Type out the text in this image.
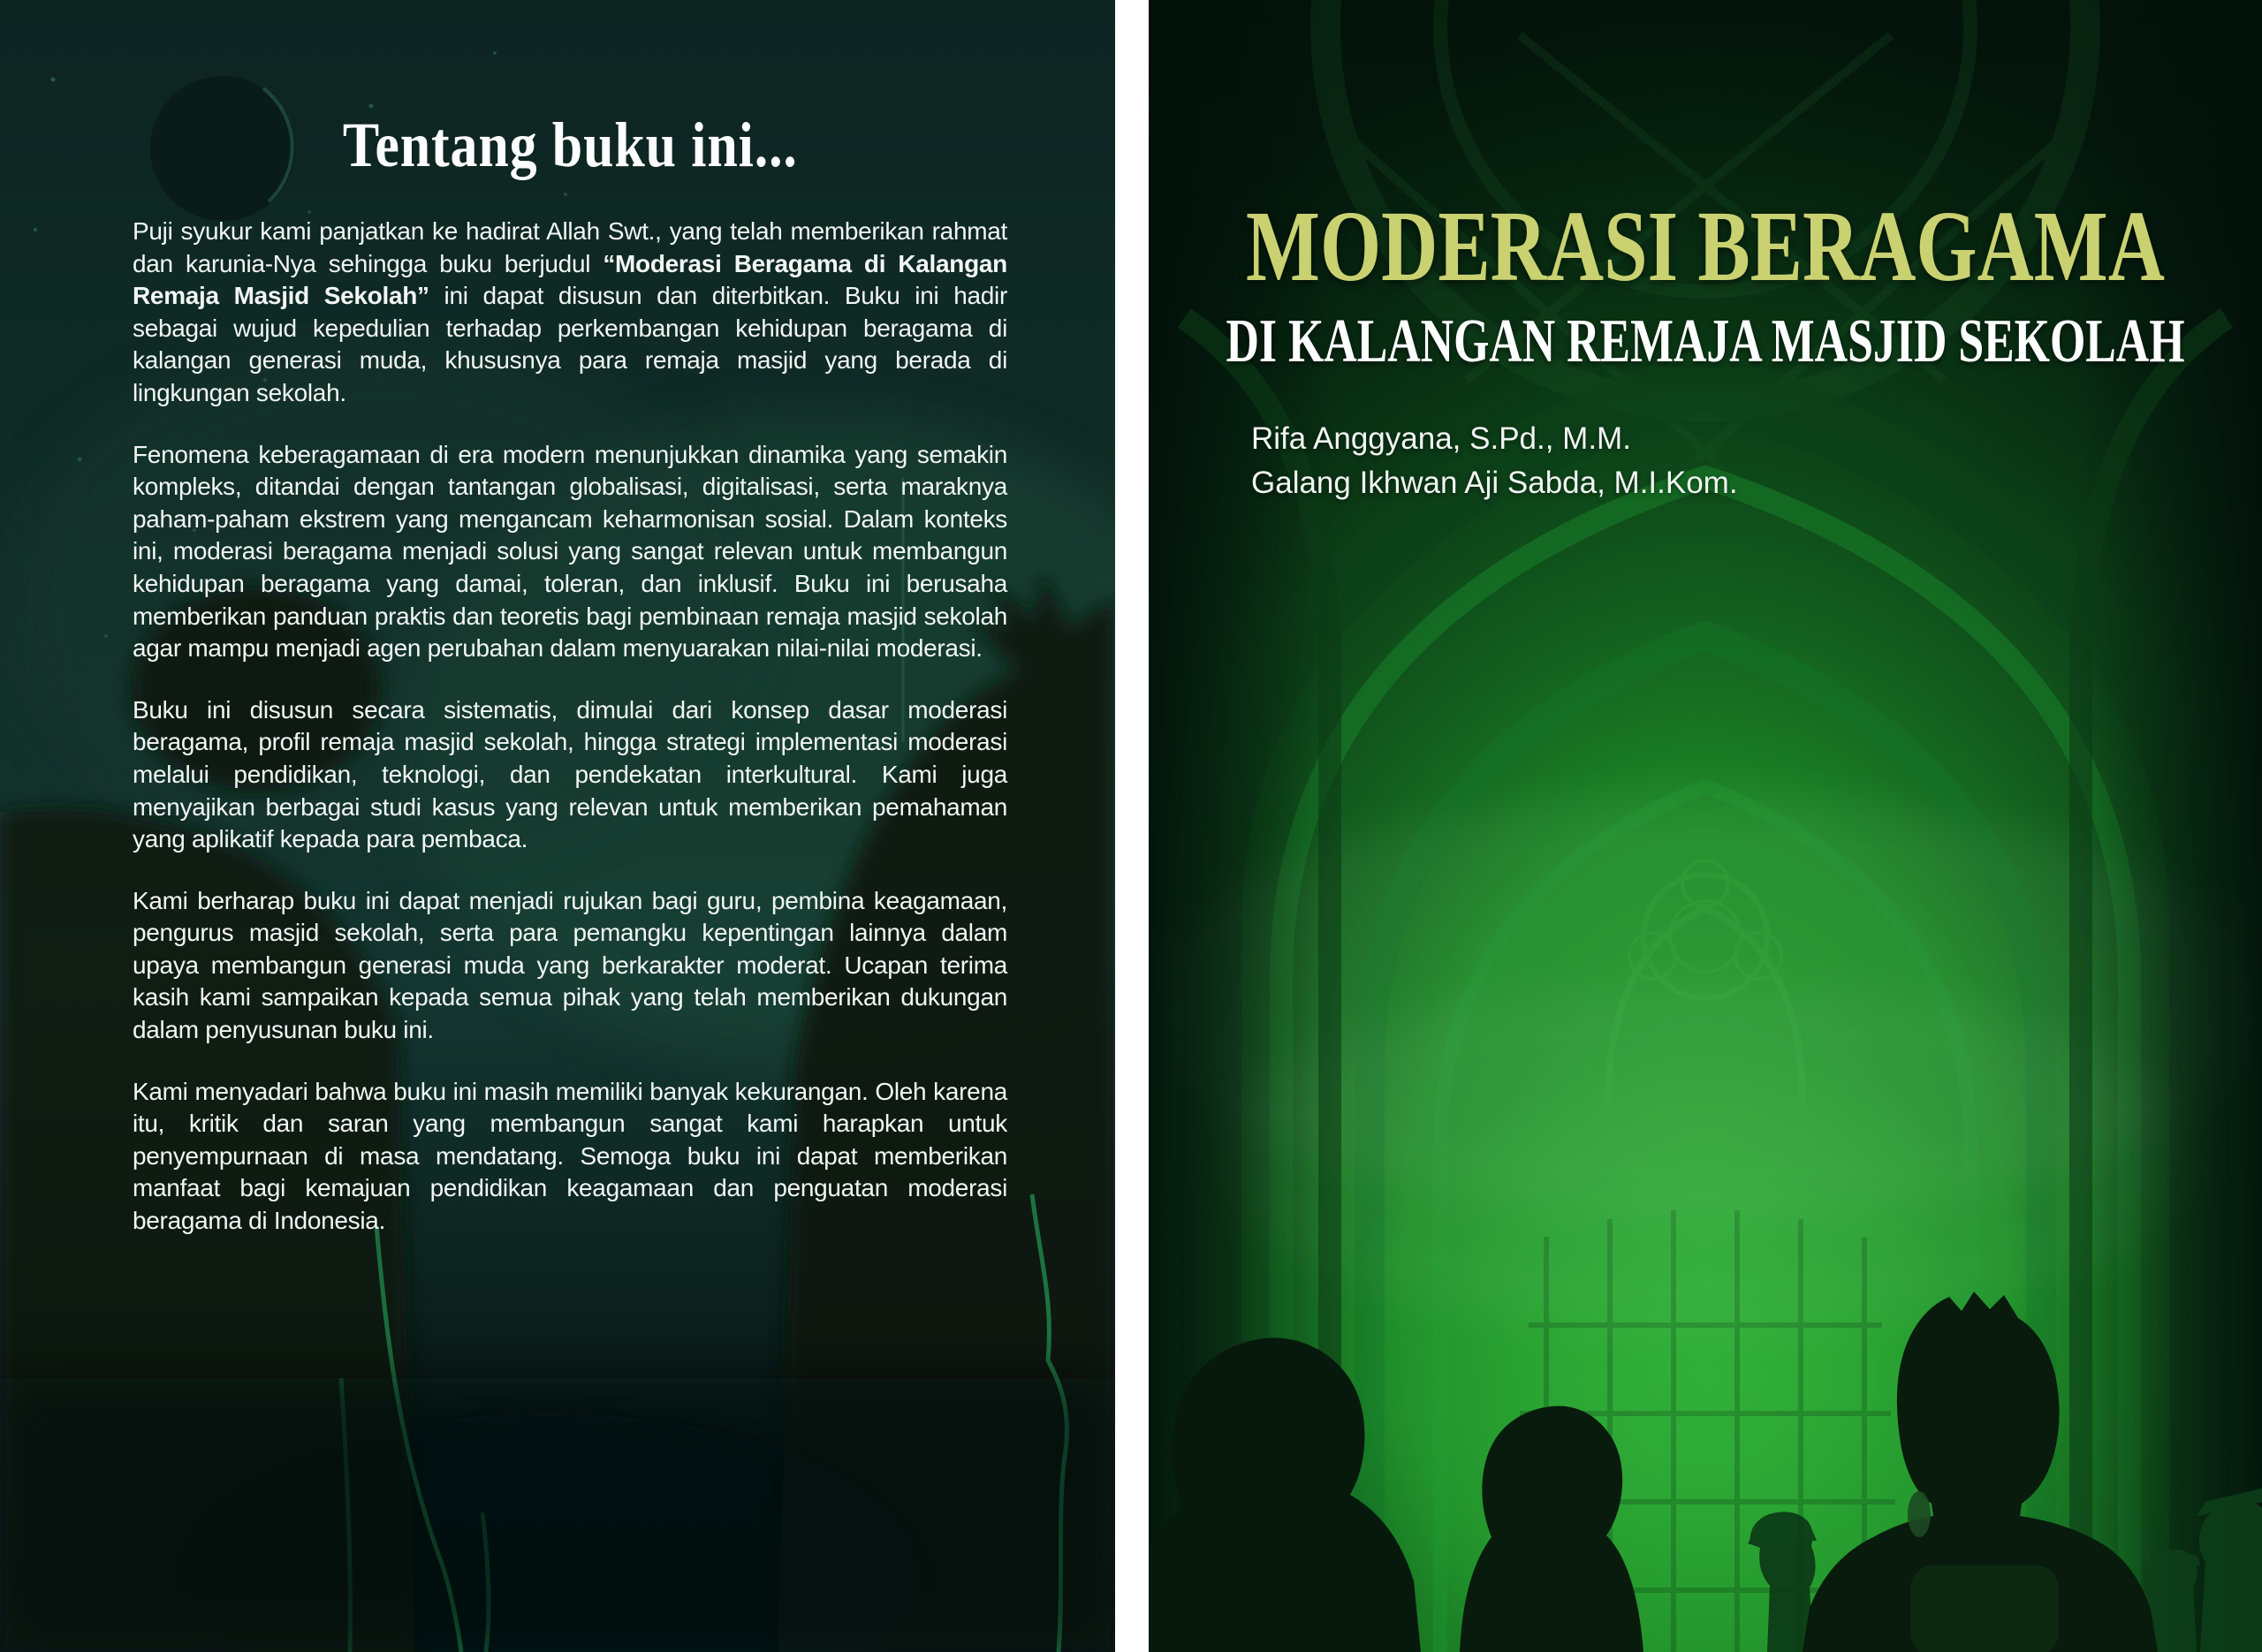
Tentang buku ini...

Puji syukur kami panjatkan ke hadirat Allah Swt., yang telah memberikan rahmat dan karunia-Nya sehingga buku berjudul “Moderasi Beragama di Kalangan Remaja Masjid Sekolah” ini dapat disusun dan diterbitkan. Buku ini hadir sebagai wujud kepedulian terhadap perkembangan kehidupan beragama di kalangan generasi muda, khususnya para remaja masjid yang berada di lingkungan sekolah.

Fenomena keberagamaan di era modern menunjukkan dinamika yang semakin kompleks, ditandai dengan tantangan globalisasi, digitalisasi, serta maraknya paham-paham ekstrem yang mengancam keharmonisan sosial. Dalam konteks ini, moderasi beragama menjadi solusi yang sangat relevan untuk membangun kehidupan beragama yang damai, toleran, dan inklusif. Buku ini berusaha memberikan panduan praktis dan teoretis bagi pembinaan remaja masjid sekolah agar mampu menjadi agen perubahan dalam menyuarakan nilai-nilai moderasi.

Buku ini disusun secara sistematis, dimulai dari konsep dasar moderasi beragama, profil remaja masjid sekolah, hingga strategi implementasi moderasi melalui pendidikan, teknologi, dan pendekatan interkultural. Kami juga menyajikan berbagai studi kasus yang relevan untuk memberikan pemahaman yang aplikatif kepada para pembaca.

Kami berharap buku ini dapat menjadi rujukan bagi guru, pembina keagamaan, pengurus masjid sekolah, serta para pemangku kepentingan lainnya dalam upaya membangun generasi muda yang berkarakter moderat. Ucapan terima kasih kami sampaikan kepada semua pihak yang telah memberikan dukungan dalam penyusunan buku ini.

Kami menyadari bahwa buku ini masih memiliki banyak kekurangan. Oleh karena itu, kritik dan saran yang membangun sangat kami harapkan untuk penyempurnaan di masa mendatang. Semoga buku ini dapat memberikan manfaat bagi kemajuan pendidikan keagamaan dan penguatan moderasi beragama di Indonesia.

MODERASI BERAGAMA
DI KALANGAN REMAJA MASJID SEKOLAH
Rifa Anggyana, S.Pd., M.M.
Galang Ikhwan Aji Sabda, M.I.Kom.
